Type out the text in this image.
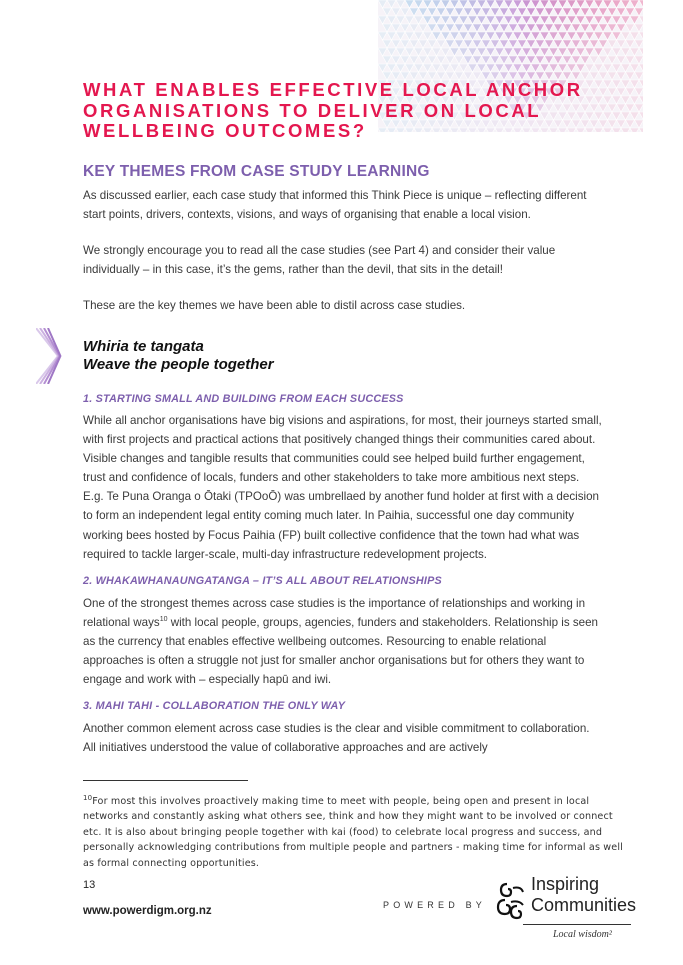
WHAT ENABLES EFFECTIVE LOCAL ANCHOR ORGANISATIONS TO DELIVER ON LOCAL WELLBEING OUTCOMES?
KEY THEMES FROM CASE STUDY LEARNING

As discussed earlier, each case study that informed this Think Piece is unique – reflecting different start points, drivers, contexts, visions, and ways of organising that enable a local vision.

We strongly encourage you to read all the case studies (see Part 4) and consider their value individually – in this case, it’s the gems, rather than the devil, that sits in the detail!

These are the key themes we have been able to distil across case studies.

Whiria te tangata
Weave the people together
1. STARTING SMALL AND BUILDING FROM EACH SUCCESS

While all anchor organisations have big visions and aspirations, for most, their journeys started small, with first projects and practical actions that positively changed things their communities cared about. Visible changes and tangible results that communities could see helped build further engagement, trust and confidence of locals, funders and other stakeholders to take more ambitious next steps. E.g. Te Puna Oranga o Ōtaki (TPOoŌ) was umbrellaed by another fund holder at first with a decision to form an independent legal entity coming much later. In Paihia, successful one day community working bees hosted by Focus Paihia (FP) built collective confidence that the town had what was required to tackle larger-scale, multi-day infrastructure redevelopment projects.

2. WHAKAWHANAUNGATANGA – IT’S ALL ABOUT RELATIONSHIPS

One of the strongest themes across case studies is the importance of relationships and working in relational ways$^{10}$ with local people, groups, agencies, funders and stakeholders. Relationship is seen as the currency that enables effective wellbeing outcomes. Resourcing to enable relational approaches is often a struggle not just for smaller anchor organisations but for others they want to engage and work with – especially hapū and iwi.

3. MAHI TAHI - COLLABORATION THE ONLY WAY

Another common element across case studies is the clear and visible commitment to collaboration. All initiatives understood the value of collaborative approaches and are actively

$^{10}$For most this involves proactively making time to meet with people, being open and present in local networks and constantly asking what others see, think and how they might want to be involved or connect etc. It is also about bringing people together with kai (food) to celebrate local progress and success, and personally acknowledging contributions from multiple people and partners - making time for informal as well as formal connecting opportunities.

13

www.powerdigm.org.nz	POWERED BY

Inspiring
Communities

Local wisdom²
